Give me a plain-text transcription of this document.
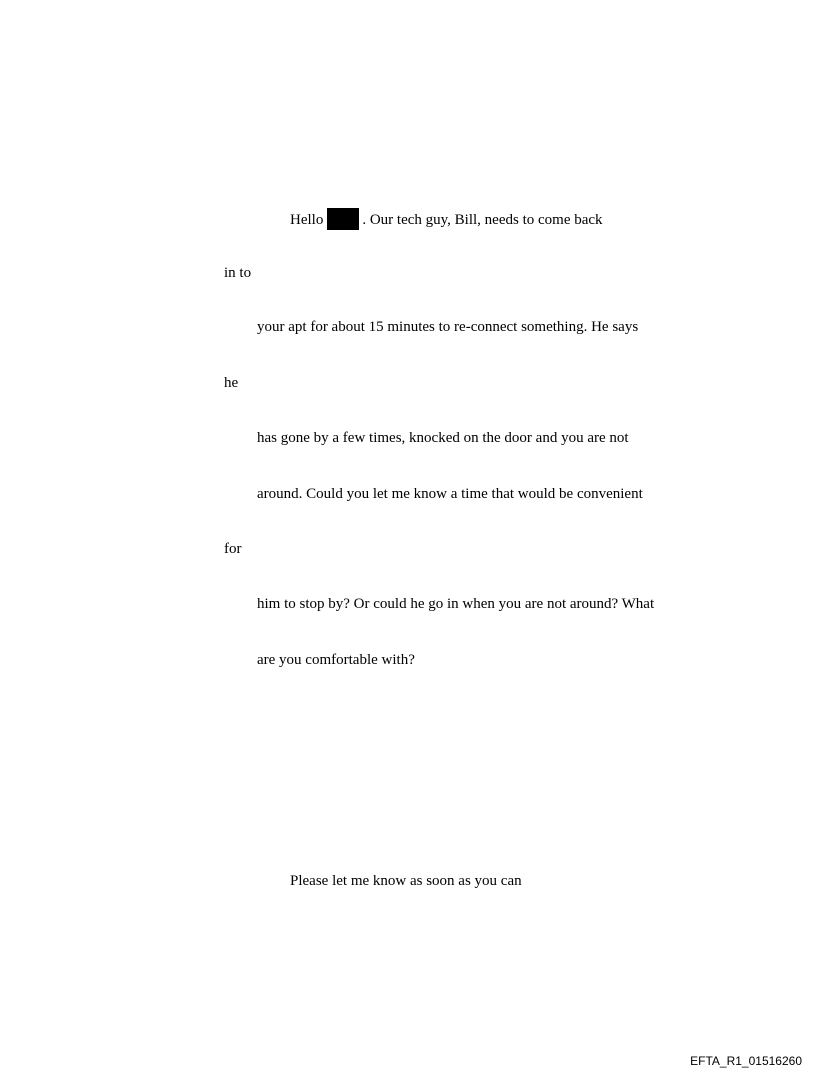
Hello	. Our tech guy, Bill, needs to come back
in to
your apt for about 15 minutes to re-connect something. He says
he
has gone by a few times, knocked on the door and you are not
around. Could you let me know a time that would be convenient
for
him to stop by? Or could he go in when you are not around? What
are you comfortable with?
Please let me know as soon as you can
EFTA_R1_01516260
